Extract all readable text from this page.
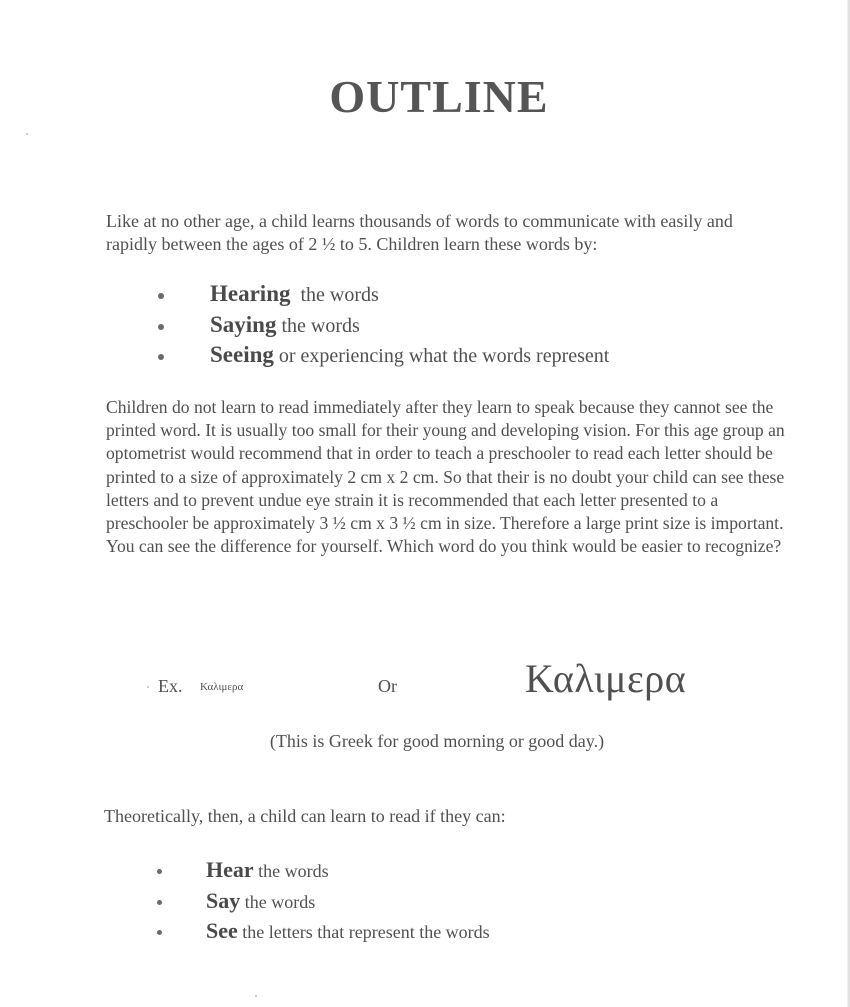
OUTLINE
Like at no other age, a child learns thousands of words to communicate with easily and rapidly between the ages of 2 ½ to 5. Children learn these words by:
Hearing the words
Saying the words
Seeing or experiencing what the words represent
Children do not learn to read immediately after they learn to speak because they cannot see the printed word. It is usually too small for their young and developing vision. For this age group an optometrist would recommend that in order to teach a preschooler to read each letter should be printed to a size of approximately 2 cm x 2 cm. So that their is no doubt your child can see these letters and to prevent undue eye strain it is recommended that each letter presented to a preschooler be approximately 3 ½ cm x 3 ½ cm in size. Therefore a large print size is important. You can see the difference for yourself. Which word do you think would be easier to recognize?
Ex. Καλιμερα	Or	Καλιμερα
(This is Greek for good morning or good day.)
Theoretically, then, a child can learn to read if they can:
Hear the words
Say the words
See the letters that represent the words
